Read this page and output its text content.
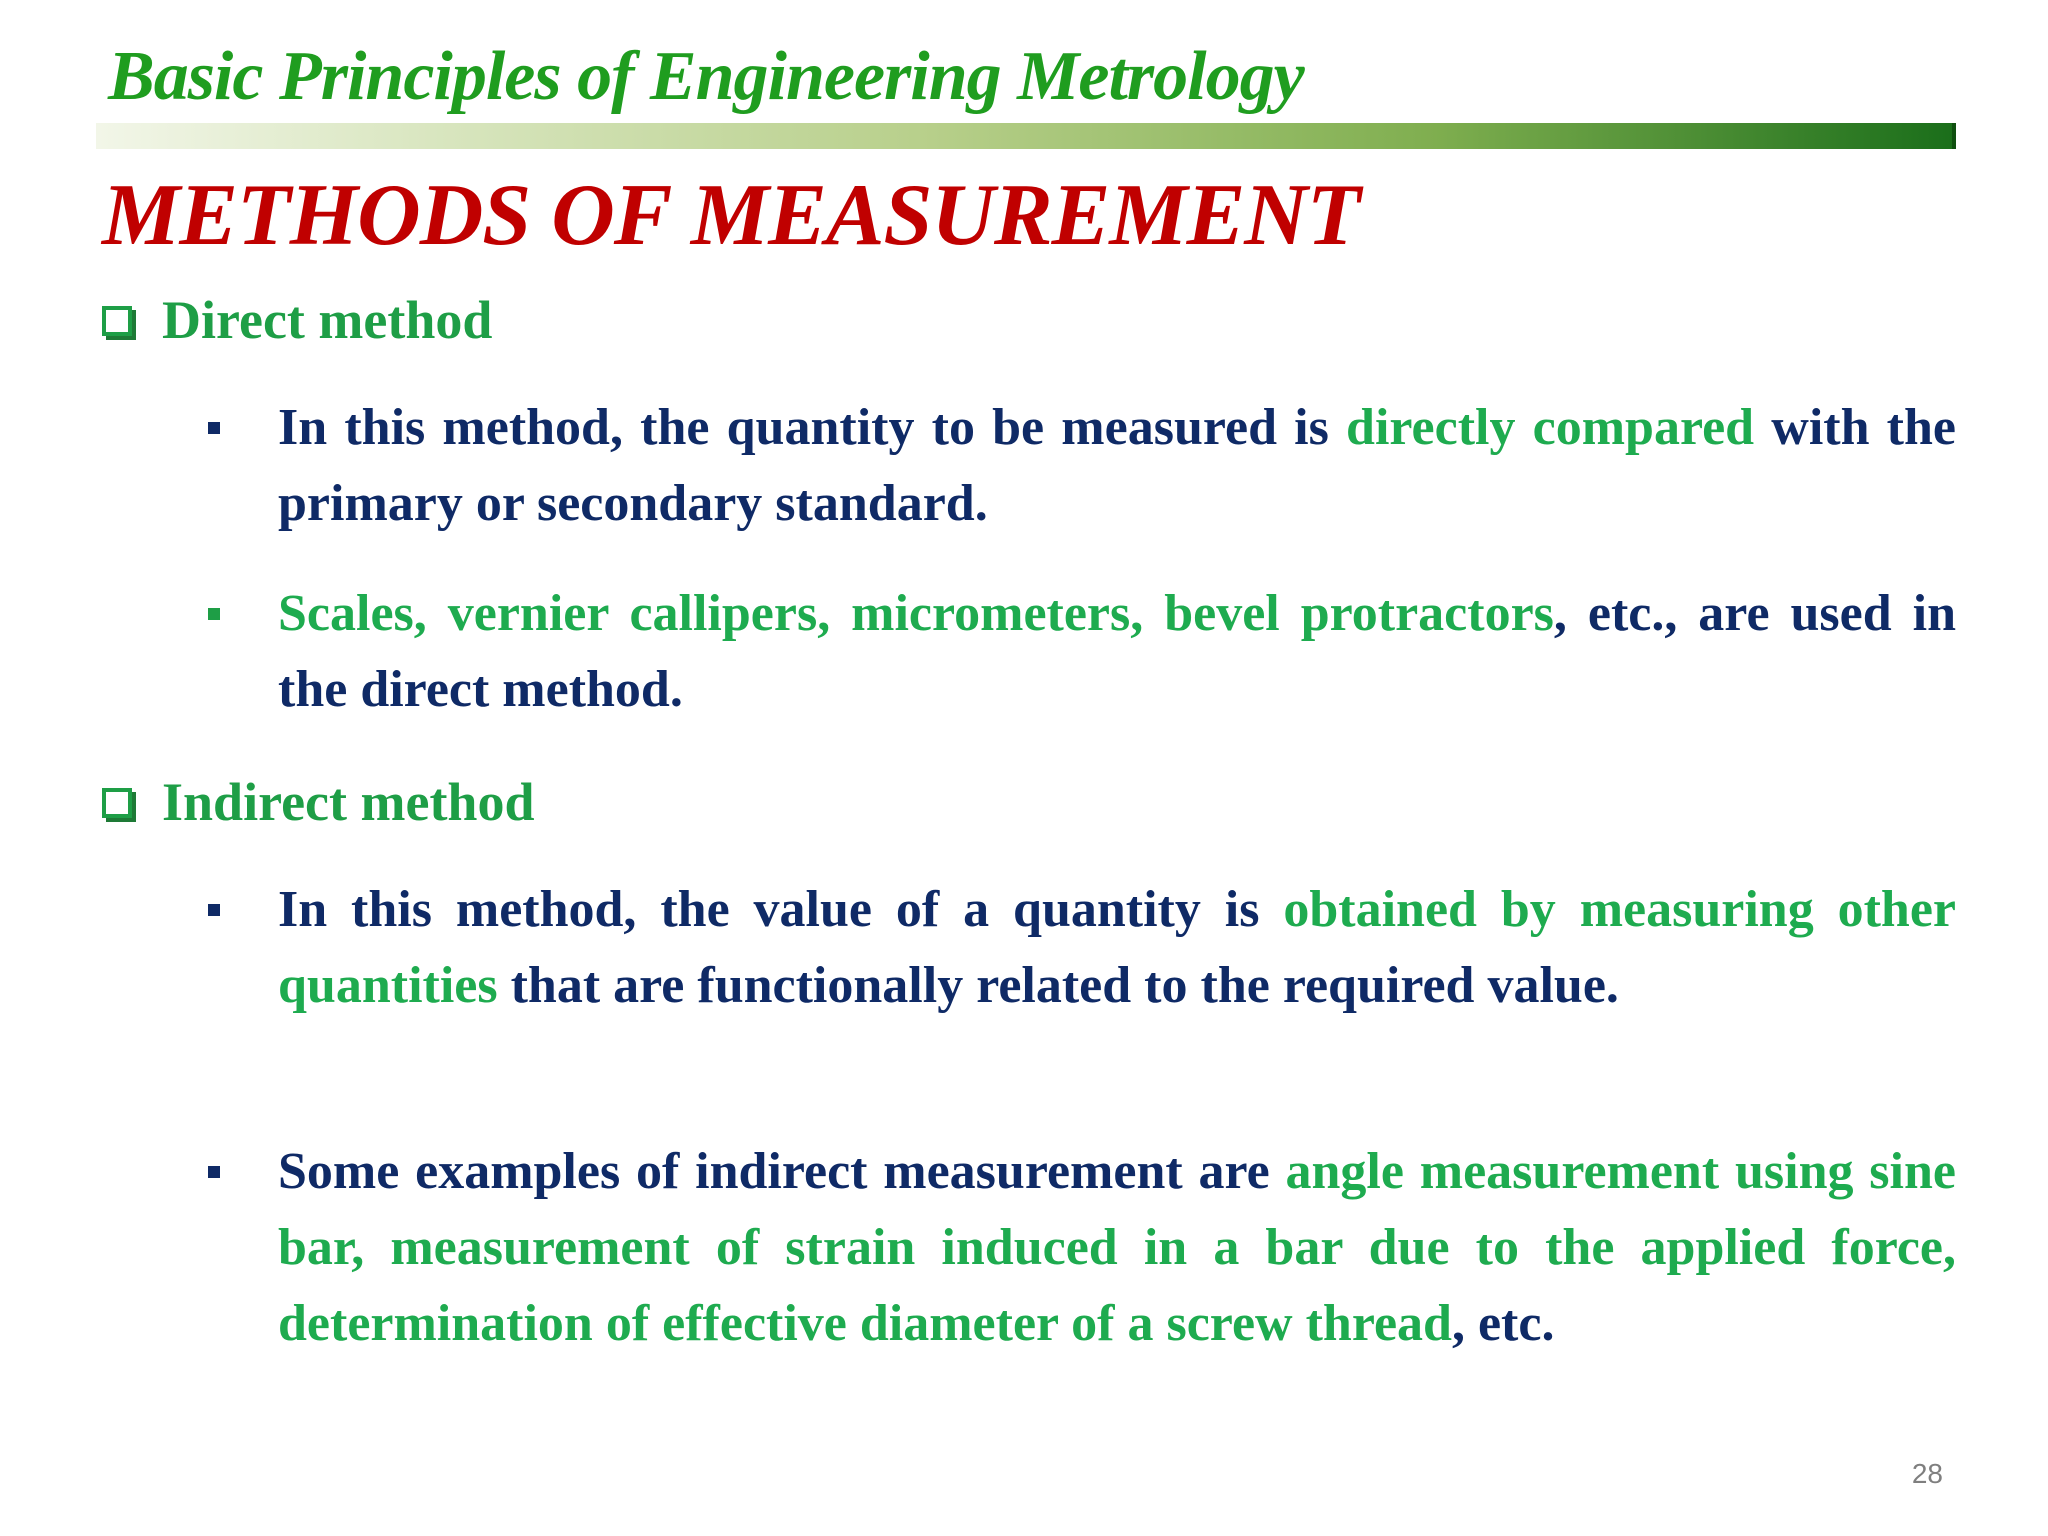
Basic Principles of Engineering Metrology
METHODS OF MEASUREMENT
Direct method
In this method, the quantity to be measured is directly compared with the primary or secondary standard.
Scales, vernier callipers, micrometers, bevel protractors, etc., are used in the direct method.
Indirect method
In this method, the value of a quantity is obtained by measuring other quantities that are functionally related to the required value.
Some examples of indirect measurement are angle measurement using sine bar, measurement of strain induced in a bar due to the applied force, determination of effective diameter of a screw thread, etc.
28
